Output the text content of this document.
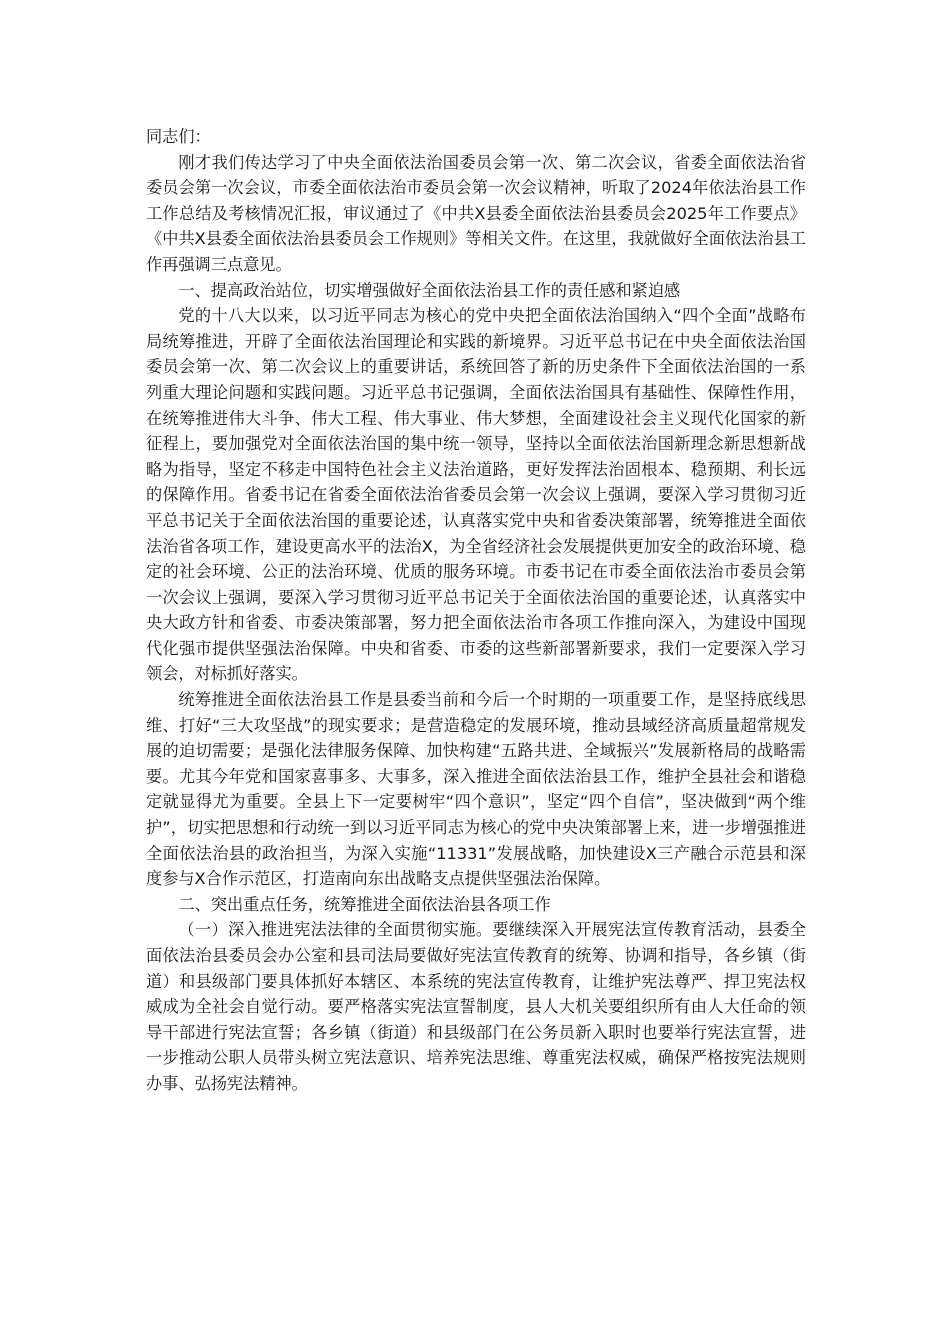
同志们：

刚才我们传达学习了中央全面依法治国委员会第一次、第二次会议，省委全面依法治省委员会第一次会议，市委全面依法治市委员会第一次会议精神，听取了2024年依法治县工作工作总结及考核情况汇报，审议通过了《中共X县委全面依法治县委员会2025年工作要点》《中共X县委全面依法治县委员会工作规则》等相关文件。在这里，我就做好全面依法治县工作再强调三点意见。

一、提高政治站位，切实增强做好全面依法治县工作的责任感和紧迫感

党的十八大以来，以习近平同志为核心的党中央把全面依法治国纳入“四个全面”战略布局统筹推进，开辟了全面依法治国理论和实践的新境界。习近平总书记在中央全面依法治国委员会第一次、第二次会议上的重要讲话，系统回答了新的历史条件下全面依法治国的一系列重大理论问题和实践问题。习近平总书记强调，全面依法治国具有基础性、保障性作用，在统筹推进伟大斗争、伟大工程、伟大事业、伟大梦想，全面建设社会主义现代化国家的新征程上，要加强党对全面依法治国的集中统一领导，坚持以全面依法治国新理念新思想新战略为指导，坚定不移走中国特色社会主义法治道路，更好发挥法治固根本、稳预期、利长远的保障作用。省委书记在省委全面依法治省委员会第一次会议上强调，要深入学习贯彻习近平总书记关于全面依法治国的重要论述，认真落实党中央和省委决策部署，统筹推进全面依法治省各项工作，建设更高水平的法治X，为全省经济社会发展提供更加安全的政治环境、稳定的社会环境、公正的法治环境、优质的服务环境。市委书记在市委全面依法治市委员会第一次会议上强调，要深入学习贯彻习近平总书记关于全面依法治国的重要论述，认真落实中央大政方针和省委、市委决策部署，努力把全面依法治市各项工作推向深入，为建设中国现代化强市提供坚强法治保障。中央和省委、市委的这些新部署新要求，我们一定要深入学习领会，对标抓好落实。

统筹推进全面依法治县工作是县委当前和今后一个时期的一项重要工作，是坚持底线思维、打好“三大攻坚战”的现实要求；是营造稳定的发展环境，推动县域经济高质量超常规发展的迫切需要；是强化法律服务保障、加快构建“五路共进、全域振兴”发展新格局的战略需要。尤其今年党和国家喜事多、大事多，深入推进全面依法治县工作，维护全县社会和谐稳定就显得尤为重要。全县上下一定要树牢“四个意识”，坚定“四个自信”，坚决做到“两个维护”，切实把思想和行动统一到以习近平同志为核心的党中央决策部署上来，进一步增强推进全面依法治县的政治担当，为深入实施“11331”发展战略，加快建设X三产融合示范县和深度参与X合作示范区，打造南向东出战略支点提供坚强法治保障。

二、突出重点任务，统筹推进全面依法治县各项工作

（一）深入推进宪法法律的全面贯彻实施。要继续深入开展宪法宣传教育活动，县委全面依法治县委员会办公室和县司法局要做好宪法宣传教育的统筹、协调和指导，各乡镇（街道）和县级部门要具体抓好本辖区、本系统的宪法宣传教育，让维护宪法尊严、捍卫宪法权威成为全社会自觉行动。要严格落实宪法宣誓制度，县人大机关要组织所有由人大任命的领导干部进行宪法宣誓；各乡镇（街道）和县级部门在公务员新入职时也要举行宪法宣誓，进一步推动公职人员带头树立宪法意识、培养宪法思维、尊重宪法权威，确保严格按宪法规则办事、弘扬宪法精神。
